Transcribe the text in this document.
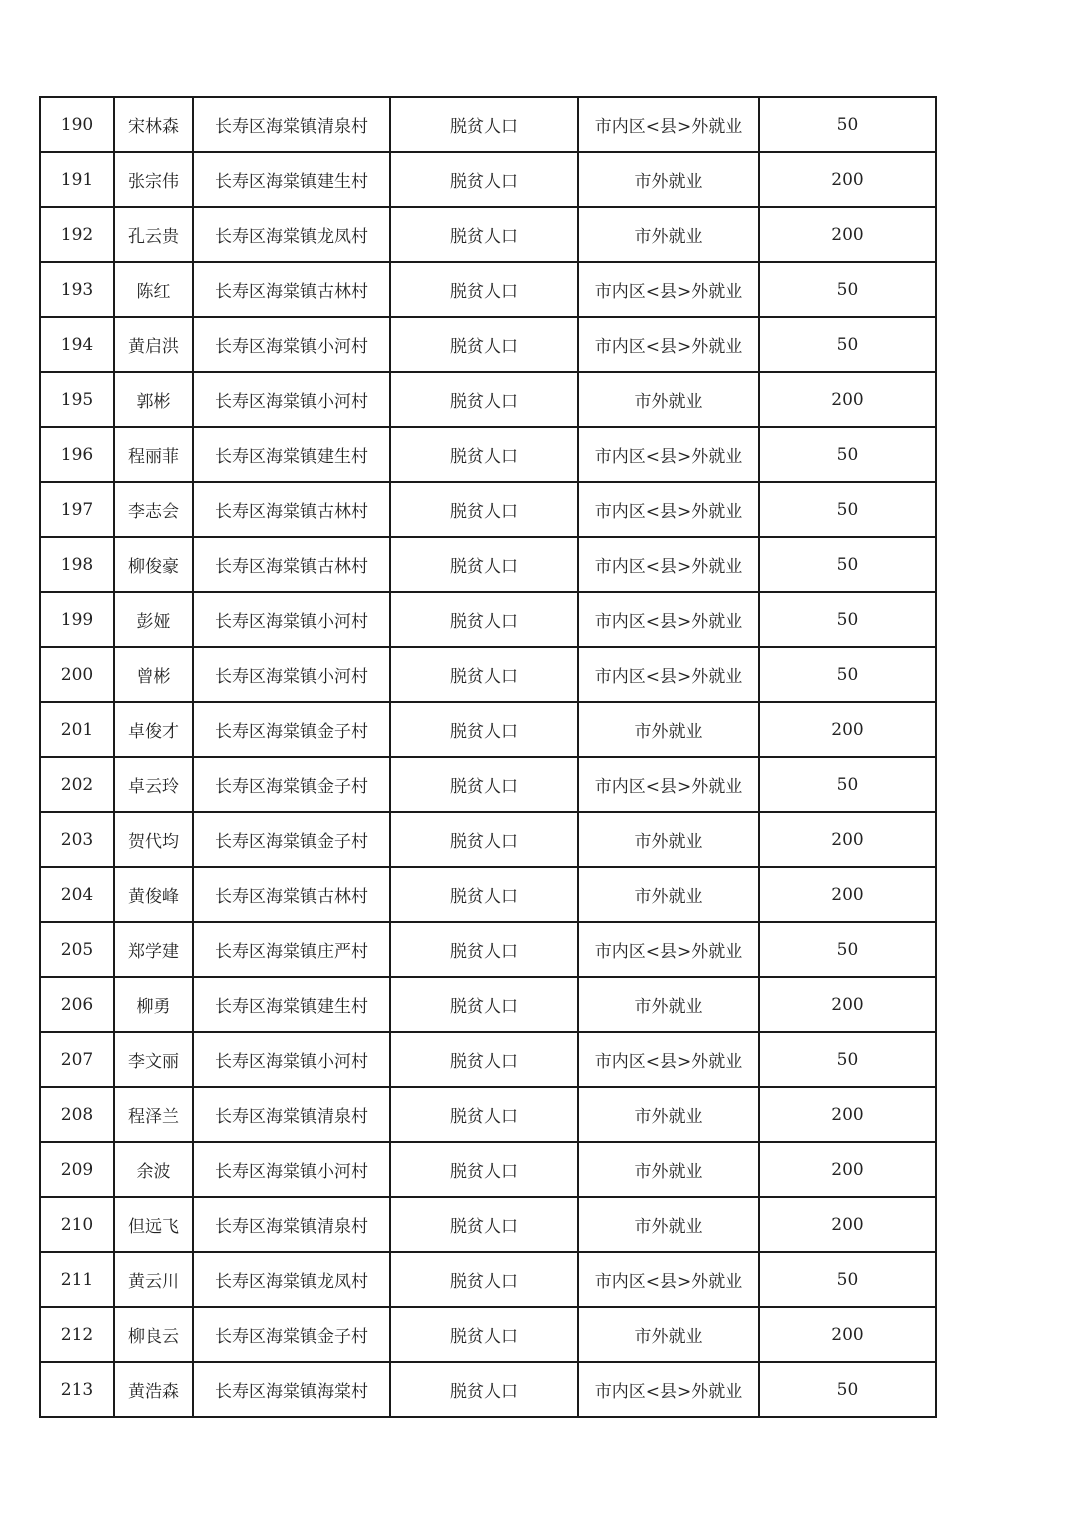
190	宋林森	长寿区海棠镇清泉村	脱贫人口	市内区<县>外就业	50
191	张宗伟	长寿区海棠镇建生村	脱贫人口	市外就业	200
192	孔云贵	长寿区海棠镇龙凤村	脱贫人口	市外就业	200
193	陈红	长寿区海棠镇古林村	脱贫人口	市内区<县>外就业	50
194	黄启洪	长寿区海棠镇小河村	脱贫人口	市内区<县>外就业	50
195	郭彬	长寿区海棠镇小河村	脱贫人口	市外就业	200
196	程丽菲	长寿区海棠镇建生村	脱贫人口	市内区<县>外就业	50
197	李志会	长寿区海棠镇古林村	脱贫人口	市内区<县>外就业	50
198	柳俊豪	长寿区海棠镇古林村	脱贫人口	市内区<县>外就业	50
199	彭娅	长寿区海棠镇小河村	脱贫人口	市内区<县>外就业	50
200	曾彬	长寿区海棠镇小河村	脱贫人口	市内区<县>外就业	50
201	卓俊才	长寿区海棠镇金子村	脱贫人口	市外就业	200
202	卓云玲	长寿区海棠镇金子村	脱贫人口	市内区<县>外就业	50
203	贺代均	长寿区海棠镇金子村	脱贫人口	市外就业	200
204	黄俊峰	长寿区海棠镇古林村	脱贫人口	市外就业	200
205	郑学建	长寿区海棠镇庄严村	脱贫人口	市内区<县>外就业	50
206	柳勇	长寿区海棠镇建生村	脱贫人口	市外就业	200
207	李文丽	长寿区海棠镇小河村	脱贫人口	市内区<县>外就业	50
208	程泽兰	长寿区海棠镇清泉村	脱贫人口	市外就业	200
209	余波	长寿区海棠镇小河村	脱贫人口	市外就业	200
210	但远飞	长寿区海棠镇清泉村	脱贫人口	市外就业	200
211	黄云川	长寿区海棠镇龙凤村	脱贫人口	市内区<县>外就业	50
212	柳良云	长寿区海棠镇金子村	脱贫人口	市外就业	200
213	黄浩森	长寿区海棠镇海棠村	脱贫人口	市内区<县>外就业	50
